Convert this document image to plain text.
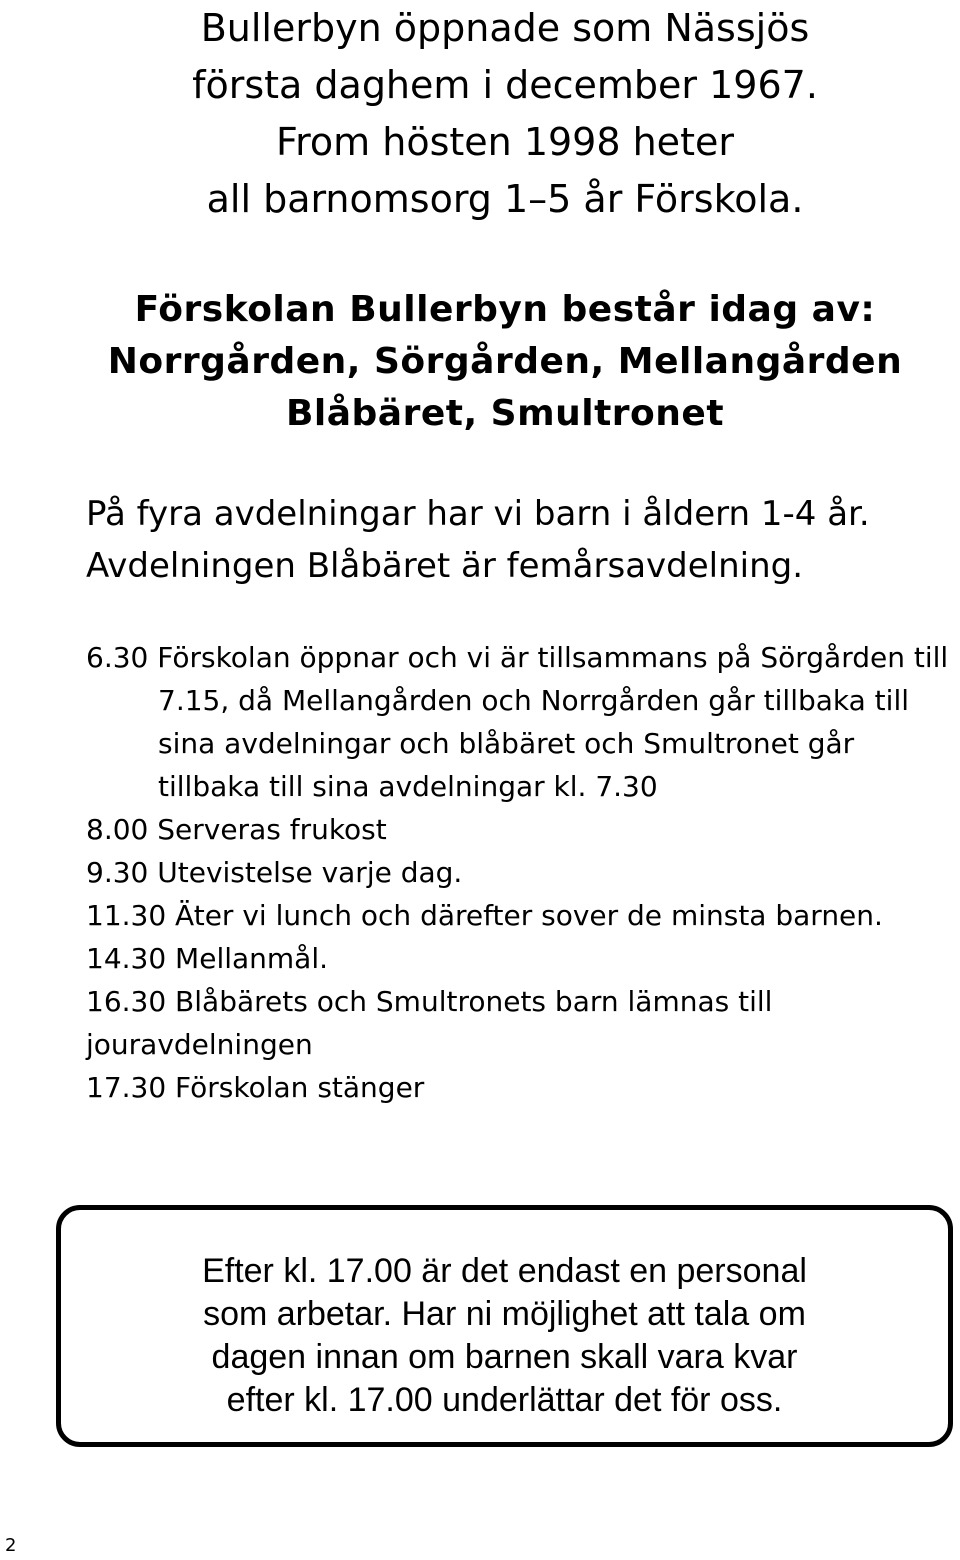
Bullerbyn öppnade som Nässjös
första daghem i december 1967.
From hösten 1998 heter
all barnomsorg 1–5 år Förskola.
Förskolan Bullerbyn består idag av:
Norrgården, Sörgården, Mellangården
Blåbäret, Smultronet
På fyra avdelningar har vi barn i åldern 1-4 år.
Avdelningen Blåbäret är femårsavdelning.
6.30 Förskolan öppnar och vi är tillsammans på Sörgården till 7.15, då Mellangården och Norrgården går tillbaka till sina avdelningar och blåbäret och Smultronet går tillbaka till sina avdelningar kl. 7.30
8.00 Serveras frukost
9.30 Utevistelse varje dag.
11.30 Äter vi lunch och därefter sover de minsta barnen.
14.30 Mellanmål.
16.30 Blåbärets och Smultronets barn lämnas till jouravdelningen
17.30 Förskolan stänger
Efter kl. 17.00 är det endast en personal
som arbetar. Har ni möjlighet att tala om
dagen innan om barnen skall vara kvar
efter kl. 17.00 underlättar det för oss.
2
